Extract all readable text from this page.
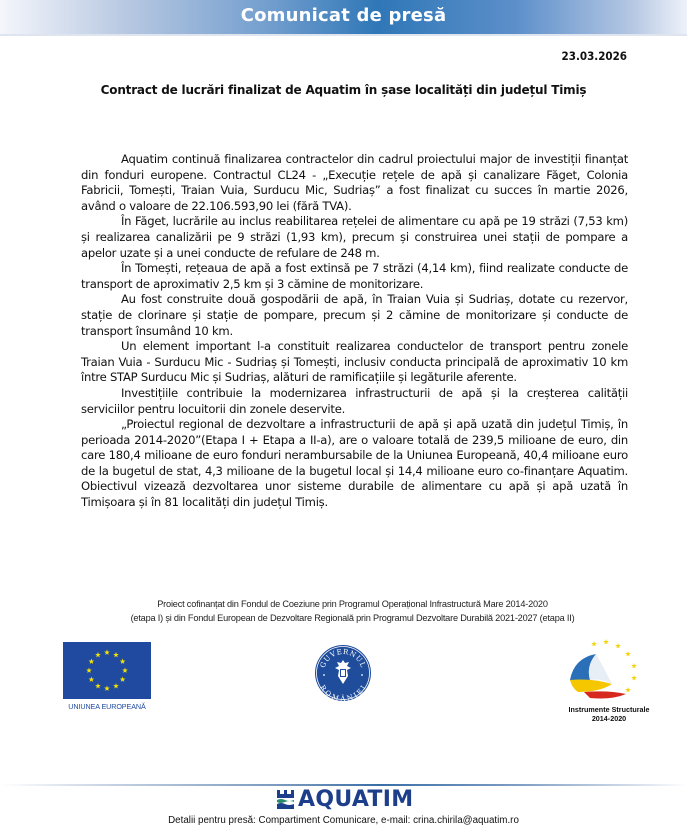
Comunicat de presă
23.03.2026
Contract de lucrări finalizat de Aquatim în șase localități din județul Timiș

Aquatim continuă finalizarea contractelor din cadrul proiectului major de investiții finanțat din fonduri europene. Contractul CL24 - „Execuție rețele de apă și canalizare Făget, Colonia Fabricii, Tomești, Traian Vuia, Surducu Mic, Sudriaș” a fost finalizat cu succes în martie 2026, având o valoare de 22.106.593,90 lei (fără TVA).

În Făget, lucrările au inclus reabilitarea rețelei de alimentare cu apă pe 19 străzi (7,53 km) și realizarea canalizării pe 9 străzi (1,93 km), precum și construirea unei stații de pompare a apelor uzate și a unei conducte de refulare de 248 m.

În Tomești, rețeaua de apă a fost extinsă pe 7 străzi (4,14 km), fiind realizate conducte de transport de aproximativ 2,5 km și 3 cămine de monitorizare.

Au fost construite două gospodării de apă, în Traian Vuia și Sudriaș, dotate cu rezervor, stație de clorinare și stație de pompare, precum și 2 cămine de monitorizare și conducte de transport însumând 10 km.

Un element important l-a constituit realizarea conductelor de transport pentru zonele Traian Vuia - Surducu Mic - Sudriaș și Tomești, inclusiv conducta principală de aproximativ 10 km între STAP Surducu Mic și Sudriaș, alături de ramificațiile și legăturile aferente.

Investițiile contribuie la modernizarea infrastructurii de apă și la creșterea calității serviciilor pentru locuitorii din zonele deservite.

„Proiectul regional de dezvoltare a infrastructurii de apă și apă uzată din județul Timiș, în perioada 2014-2020”(Etapa I + Etapa a II-a), are o valoare totală de 239,5 milioane de euro, din care 180,4 milioane de euro fonduri nerambursabile de la Uniunea Europeană, 40,4 milioane euro de la bugetul de stat, 4,3 milioane de la bugetul local și 14,4 milioane euro co-finanțare Aquatim. Obiectivul vizează dezvoltarea unor sisteme durabile de alimentare cu apă și apă uzată în Timișoara și în 81 localități din județul Timiș.

Proiect cofinanțat din Fondul de Coeziune prin Programul Operațional Infrastructură Mare 2014-2020
(etapa I) și din Fondul European de Dezvoltare Regională prin Programul Dezvoltare Durabilă 2021-2027 (etapa II)
UNIUNEA EUROPEANĂ
GUVERNUL
ROMÂNIEI
Instrumente Structurale
2014-2020
AQUATIM
Detalii pentru presă: Compartiment Comunicare, e-mail: crina.chirila@aquatim.ro
